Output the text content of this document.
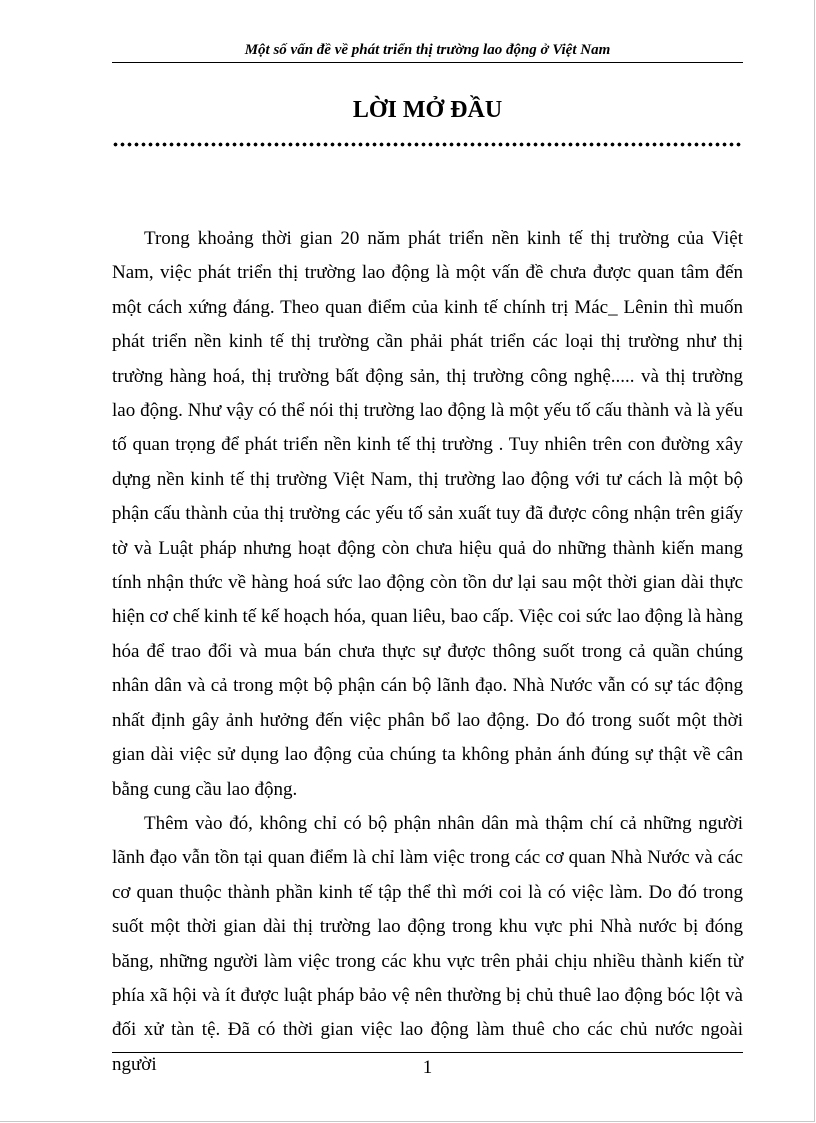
Một số vấn đề về phát triển thị trường lao động ở Việt Nam
LỜI MỞ ĐẦU

Trong khoảng thời gian 20 năm phát triển nền kinh tế thị trường của Việt Nam, việc phát triển thị trường lao động là một vấn đề chưa được quan tâm đến một cách xứng đáng. Theo quan điểm của kinh tế chính trị Mác_ Lênin thì muốn phát triển nền kinh tế thị trường cần phải phát triển các loại thị trường như thị trường hàng hoá, thị trường bất động sản, thị trường công nghệ..... và thị trường lao động. Như vậy có thể nói thị trường lao động là một yếu tố cấu thành và là yếu tố quan trọng để phát triển nền kinh tế thị trường . Tuy nhiên trên con đường xây dựng nền kinh tế thị trường Việt Nam, thị trường lao động với tư cách là một bộ phận cấu thành của thị trường các yếu tố sản xuất tuy đã được công nhận trên giấy tờ và Luật pháp nhưng hoạt động còn chưa hiệu quả do những thành kiến mang tính nhận thức về hàng hoá sức lao động còn tồn dư lại sau một thời gian dài thực hiện cơ chế kinh tế kế hoạch hóa, quan liêu, bao cấp. Việc coi sức lao động là hàng hóa để trao đổi và mua bán chưa thực sự được thông suốt trong cả quần chúng nhân dân và cả trong một bộ phận cán bộ lãnh đạo. Nhà Nước vẫn có sự tác động nhất định gây ảnh hưởng đến việc phân bổ lao động. Do đó trong suốt một thời gian dài việc sử dụng lao động của chúng ta không phản ánh đúng sự thật về cân bằng cung cầu lao động.

Thêm vào đó, không chỉ có bộ phận nhân dân mà thậm chí cả những người lãnh đạo vẫn tồn tại quan điểm là chỉ làm việc trong các cơ quan Nhà Nước và các cơ quan thuộc thành phần kinh tế tập thể thì mới coi là có việc làm. Do đó trong suốt một thời gian dài thị trường lao động trong khu vực phi Nhà nước bị đóng băng, những người làm việc trong các khu vực trên phải chịu nhiều thành kiến từ phía xã hội và ít được luật pháp bảo vệ nên thường bị chủ thuê lao động bóc lột và đối xử tàn tệ. Đã có thời gian việc lao động làm thuê cho các chủ nước ngoài người	1
